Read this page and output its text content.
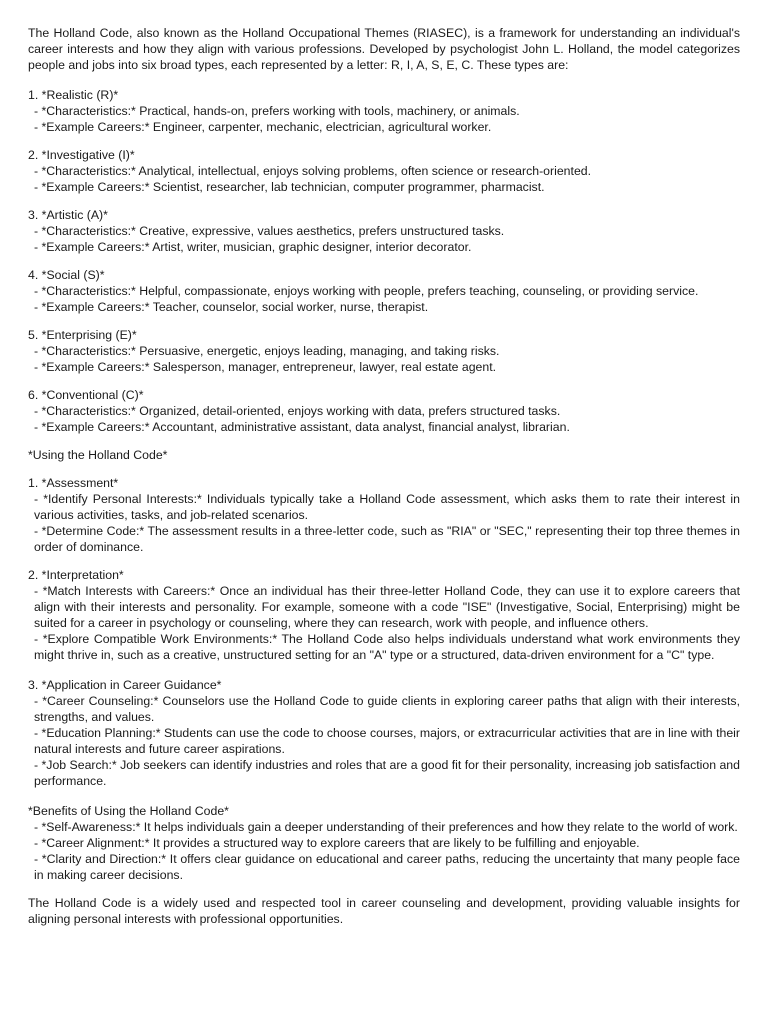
The Holland Code, also known as the Holland Occupational Themes (RIASEC), is a framework for understanding an individual's career interests and how they align with various professions. Developed by psychologist John L. Holland, the model categorizes people and jobs into six broad types, each represented by a letter: R, I, A, S, E, C. These types are:

1. *Realistic (R)*
- *Characteristics:* Practical, hands-on, prefers working with tools, machinery, or animals.
- *Example Careers:* Engineer, carpenter, mechanic, electrician, agricultural worker.
2. *Investigative (I)*
- *Characteristics:* Analytical, intellectual, enjoys solving problems, often science or research-oriented.
- *Example Careers:* Scientist, researcher, lab technician, computer programmer, pharmacist.
3. *Artistic (A)*
- *Characteristics:* Creative, expressive, values aesthetics, prefers unstructured tasks.
- *Example Careers:* Artist, writer, musician, graphic designer, interior decorator.
4. *Social (S)*
- *Characteristics:* Helpful, compassionate, enjoys working with people, prefers teaching, counseling, or providing service.
- *Example Careers:* Teacher, counselor, social worker, nurse, therapist.
5. *Enterprising (E)*
- *Characteristics:* Persuasive, energetic, enjoys leading, managing, and taking risks.
- *Example Careers:* Salesperson, manager, entrepreneur, lawyer, real estate agent.
6. *Conventional (C)*
- *Characteristics:* Organized, detail-oriented, enjoys working with data, prefers structured tasks.
- *Example Careers:* Accountant, administrative assistant, data analyst, financial analyst, librarian.
*Using the Holland Code*
1. *Assessment*
- *Identify Personal Interests:* Individuals typically take a Holland Code assessment, which asks them to rate their interest in various activities, tasks, and job-related scenarios.
- *Determine Code:* The assessment results in a three-letter code, such as "RIA" or "SEC," representing their top three themes in order of dominance.
2. *Interpretation*
- *Match Interests with Careers:* Once an individual has their three-letter Holland Code, they can use it to explore careers that align with their interests and personality. For example, someone with a code "ISE" (Investigative, Social, Enterprising) might be suited for a career in psychology or counseling, where they can research, work with people, and influence others.
- *Explore Compatible Work Environments:* The Holland Code also helps individuals understand what work environments they might thrive in, such as a creative, unstructured setting for an "A" type or a structured, data-driven environment for a "C" type.
3. *Application in Career Guidance*
- *Career Counseling:* Counselors use the Holland Code to guide clients in exploring career paths that align with their interests, strengths, and values.
- *Education Planning:* Students can use the code to choose courses, majors, or extracurricular activities that are in line with their natural interests and future career aspirations.
- *Job Search:* Job seekers can identify industries and roles that are a good fit for their personality, increasing job satisfaction and performance.
*Benefits of Using the Holland Code*
- *Self-Awareness:* It helps individuals gain a deeper understanding of their preferences and how they relate to the world of work.
- *Career Alignment:* It provides a structured way to explore careers that are likely to be fulfilling and enjoyable.
- *Clarity and Direction:* It offers clear guidance on educational and career paths, reducing the uncertainty that many people face in making career decisions.

The Holland Code is a widely used and respected tool in career counseling and development, providing valuable insights for aligning personal interests with professional opportunities.
